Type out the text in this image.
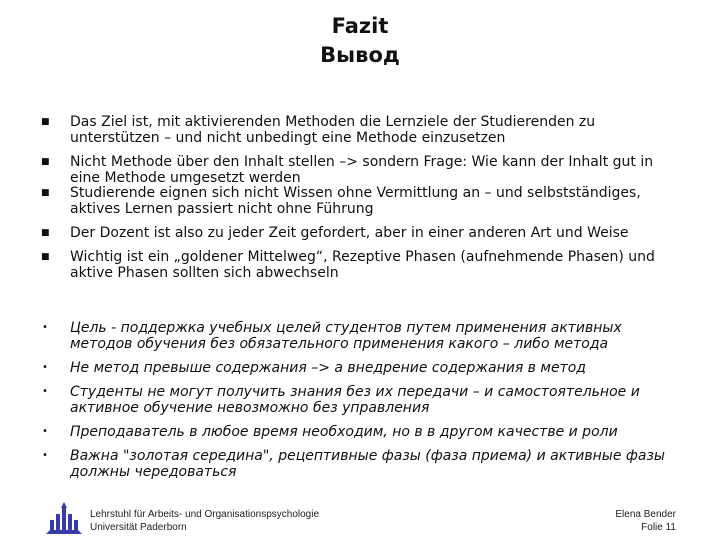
Fazit
Вывод
■ Das Ziel ist, mit aktivierenden Methoden die Lernziele der Studierenden zu unterstützen – und nicht unbedingt eine Methode einzusetzen
■ Nicht Methode über den Inhalt stellen –> sondern Frage: Wie kann der Inhalt gut in eine Methode umgesetzt werden
■ Studierende eignen sich nicht Wissen ohne Vermittlung an – und selbstständiges, aktives Lernen passiert nicht ohne Führung
■ Der Dozent ist also zu jeder Zeit gefordert, aber in einer anderen Art und Weise
■ Wichtig ist ein „goldener Mittelweg“, Rezeptive Phasen (aufnehmende Phasen) und aktive Phasen sollten sich abwechseln
• Цель - поддержка учебных целей студентов путем применения активных методов обучения без обязательного применения какого – либо метода
• Не метод превыше содержания –> а внедрение содержания в метод
• Студенты не могут получить знания без их передачи – и самостоятельное и активное обучение невозможно без управления
• Преподаватель в любое время необходим, но в в другом качестве и роли
• Важна "золотая середина", рецептивные фазы (фаза приема) и активные фазы должны чередоваться
Lehrstuhl für Arbeits- und Organisationspsychologie
Universität Paderborn
Elena Bender
Folie 11
